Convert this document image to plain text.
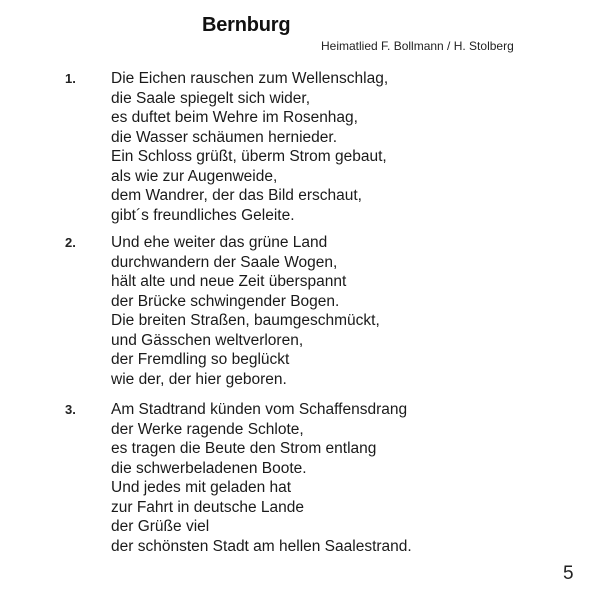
Bernburg
Heimatlied F. Bollmann / H. Stolberg
1. Die Eichen rauschen zum Wellenschlag,
die Saale spiegelt sich wider,
es duftet beim Wehre im Rosenhag,
die Wasser schäumen hernieder.
Ein Schloss grüßt, überm Strom gebaut,
als wie zur Augenweide,
dem Wandrer, der das Bild erschaut,
gibt´s freundliches Geleite.
2. Und ehe weiter das grüne Land
durchwandern der Saale Wogen,
hält alte und neue Zeit überspannt
der Brücke schwingender Bogen.
Die breiten Straßen, baumgeschmückt,
und Gässchen weltverloren,
der Fremdling so beglückt
wie der, der hier geboren.
3. Am Stadtrand künden vom Schaffensdrang
der Werke ragende Schlote,
es tragen die Beute den Strom entlang
die schwerbeladenen Boote.
Und jedes mit geladen hat
zur Fahrt in deutsche Lande
der Grüße viel
der schönsten Stadt am hellen Saalestrand.
5
